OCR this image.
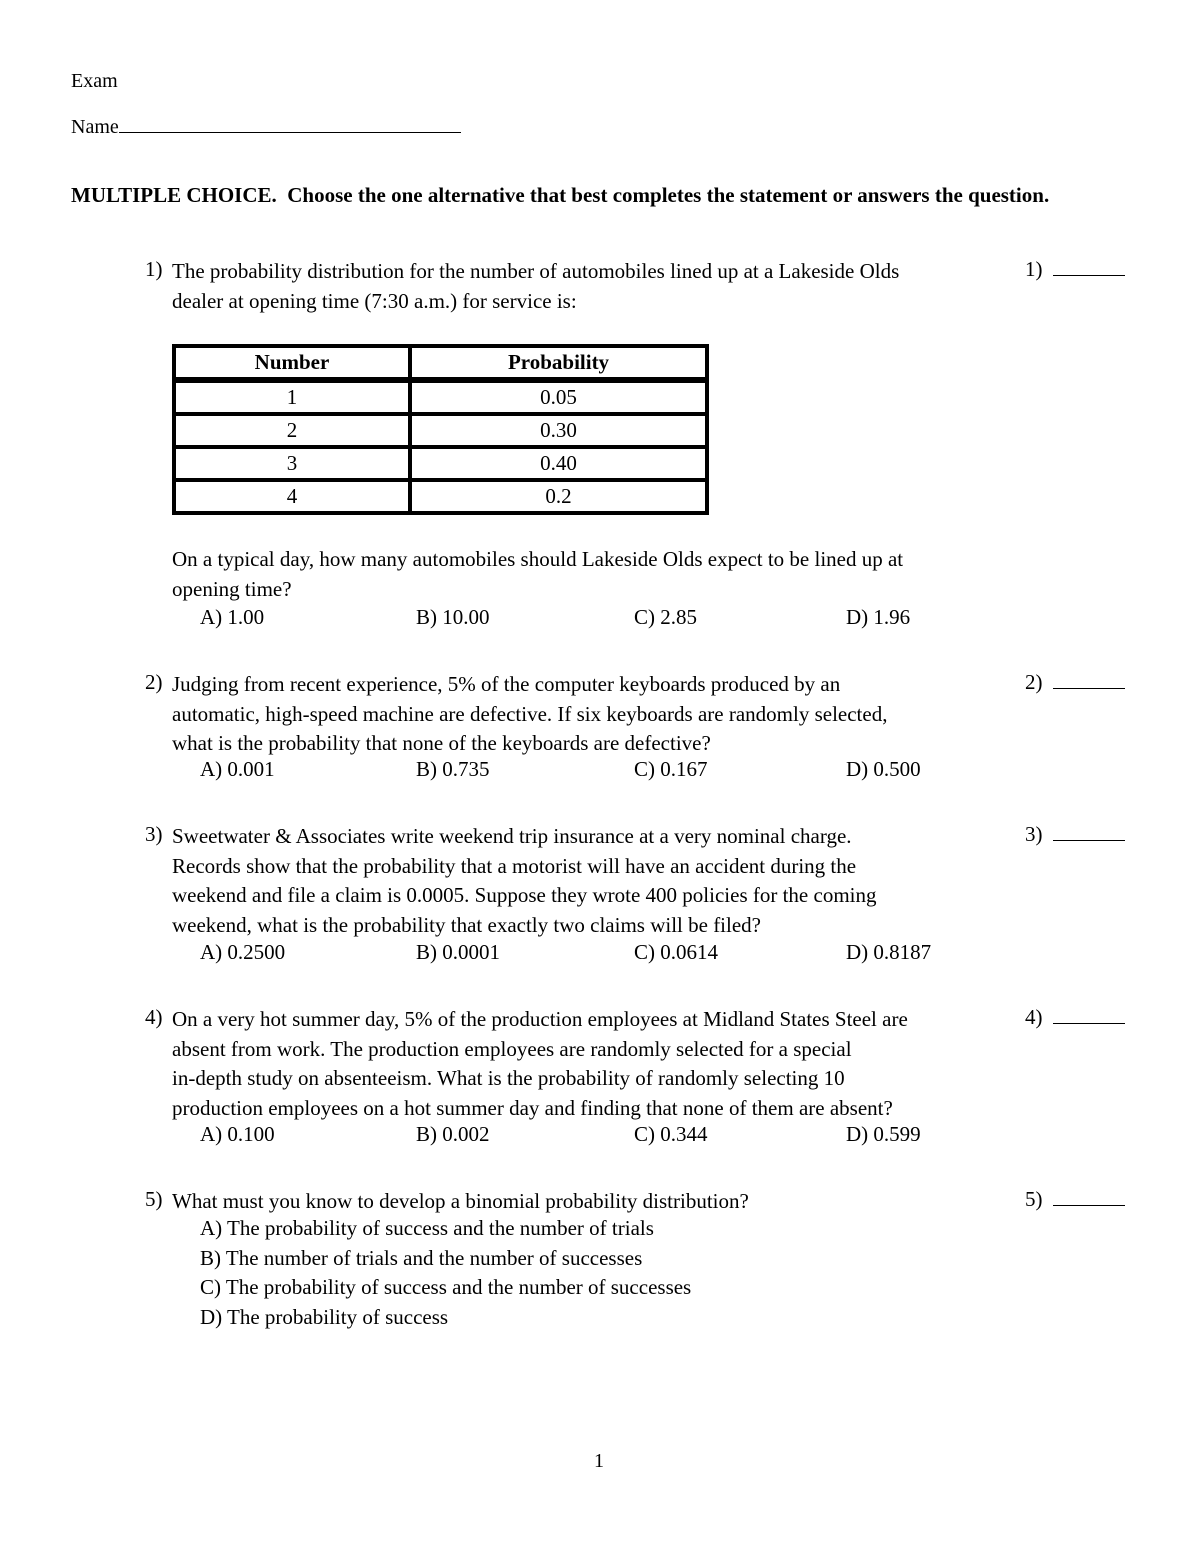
Exam
Name
MULTIPLE CHOICE. Choose the one alternative that best completes the statement or answers the question.
1) The probability distribution for the number of automobiles lined up at a Lakeside Olds
dealer at opening time (7:30 a.m.) for service is:
1)
Number	Probability
1	0.05
2	0.30
3	0.40
4	0.2
On a typical day, how many automobiles should Lakeside Olds expect to be lined up at
opening time?
A) 1.00	B) 10.00	C) 2.85	D) 1.96
2) Judging from recent experience, 5% of the computer keyboards produced by an
automatic, high-speed machine are defective. If six keyboards are randomly selected,
what is the probability that none of the keyboards are defective?
2)
A) 0.001	B) 0.735	C) 0.167	D) 0.500
3) Sweetwater & Associates write weekend trip insurance at a very nominal charge.
Records show that the probability that a motorist will have an accident during the
weekend and file a claim is 0.0005. Suppose they wrote 400 policies for the coming
weekend, what is the probability that exactly two claims will be filed?
3)
A) 0.2500	B) 0.0001	C) 0.0614	D) 0.8187
4) On a very hot summer day, 5% of the production employees at Midland States Steel are
absent from work. The production employees are randomly selected for a special
in-depth study on absenteeism. What is the probability of randomly selecting 10
production employees on a hot summer day and finding that none of them are absent?
4)
A) 0.100	B) 0.002	C) 0.344	D) 0.599
5) What must you know to develop a binomial probability distribution?	5)
A) The probability of success and the number of trials
B) The number of trials and the number of successes
C) The probability of success and the number of successes
D) The probability of success
1
